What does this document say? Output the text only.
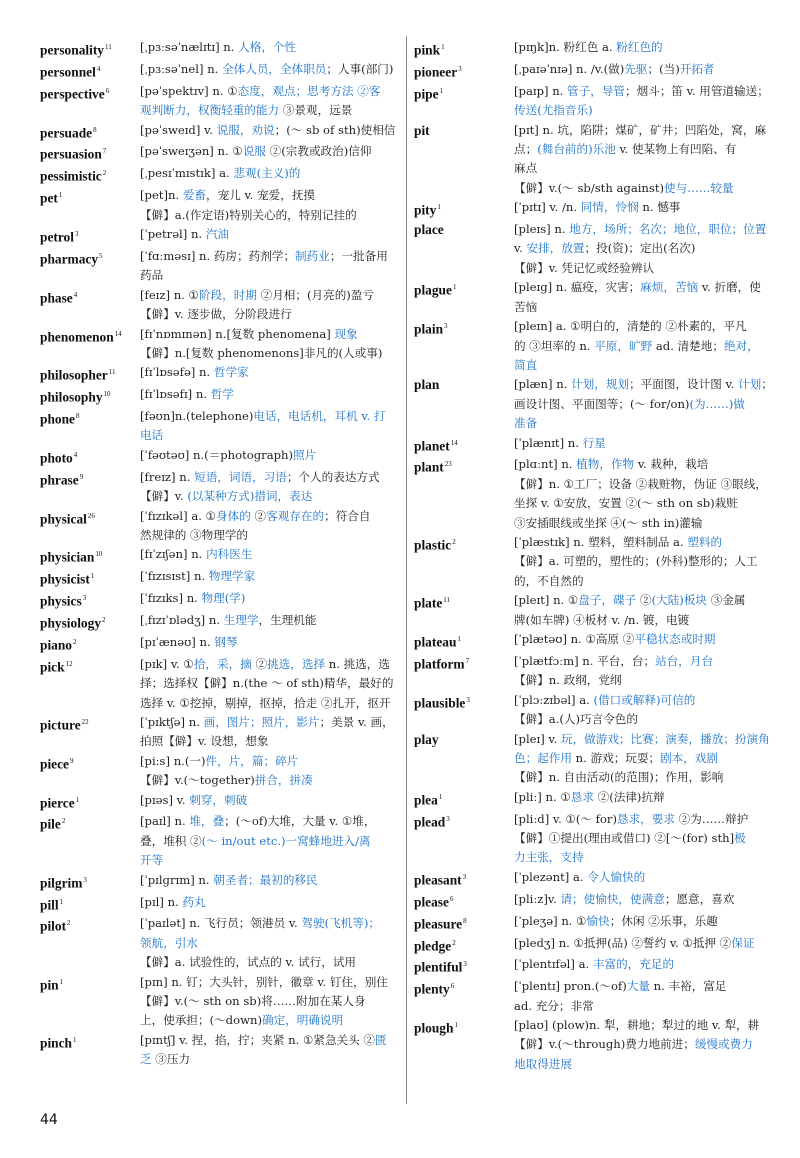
personality$^{11}$	[ˌpɜːsəˈnælɪtɪ] n. 人格，个性
personnel$^4$	[ˌpɜːsəˈnel] n. 全体人员，全体职员；人事(部门)
perspective$^6$	[pəˈspektɪv] n. ①态度，观点；思考方法 ②客
观判断力，权衡轻重的能力 ③景观，远景
persuade$^8$	[pəˈsweɪd] v. 说服，劝说；(～ sb of sth)使相信
persuasion$^7$	[pəˈsweɪʒən] n. ①说服 ②(宗教或政治)信仰
pessimistic$^2$	[ˌpesɪˈmɪstɪk] a. 悲观(主义)的
pet$^1$	[pet]n. 爱畜，宠儿 v. 宠爱，抚摸
【僻】a.(作定语)特别关心的，特别记挂的
petrol$^3$	[ˈpetrəl] n. 汽油
pharmacy$^5$	[ˈfɑːməsɪ] n. 药房；药剂学；制药业；一批备用
药品
phase$^4$	[feɪz] n. ①阶段，时期 ②月相；(月亮的)盈亏
【僻】v. 逐步做，分阶段进行
phenomenon$^{14}$	[fɪˈnɒmɪnən] n.[复数 phenomena] 现象
【僻】n.[复数 phenomenons]非凡的(人或事)
philosopher$^{11}$	[fɪˈlɒsəfə] n. 哲学家
philosophy$^{10}$	[fɪˈlɒsəfɪ] n. 哲学
phone$^8$	[fəʊn]n.(telephone)电话，电话机，耳机 v. 打
电话
photo$^4$	[ˈfəʊtəʊ] n.(＝photograph)照片
phrase$^9$	[freɪz] n. 短语，词语，习语；个人的表达方式
【僻】v. (以某种方式)措词，表达
physical$^{26}$	[ˈfɪzɪkəl] a. ①身体的 ②客观存在的；符合自
然规律的 ③物理学的
physician$^{10}$	[fɪˈzɪʃən] n. 内科医生
physicist$^1$	[ˈfɪzɪsɪst] n. 物理学家
physics$^3$	[ˈfɪzɪks] n. 物理(学)
physiology$^2$	[ˌfɪzɪˈɒlədʒ] n. 生理学，生理机能
piano$^2$	[pɪˈænəʊ] n. 钢琴
pick$^{12}$	[pɪk] v. ①拾，采，摘 ②挑选，选择 n. 挑选，选
择；选择权【僻】n.(the ～ of sth)精华，最好的
选择 v. ①挖掉，剔掉，抠掉，拾走 ②扎开，抠开
picture$^{22}$	[ˈpɪktʃə] n. 画，图片；照片，影片；美景 v. 画，
拍照【僻】v. 设想，想象
piece$^9$	[piːs] n.(一)件，片，篇；碎片
【僻】v.(～together)拼合，拼凑
pierce$^1$	[pɪəs] v. 刺穿，刺破
pile$^2$	[paɪl] n. 堆，叠；(～of)大堆，大量 v. ①堆，
叠，堆积 ②(～ in/out etc.)一窝蜂地进入/离
开等
pilgrim$^3$	[ˈpɪlgrɪm] n. 朝圣者；最初的移民
pill$^1$	[pɪl] n. 药丸
pilot$^2$	[ˈpaɪlət] n. 飞行员；领港员 v. 驾驶(飞机等)；
领航，引水
【僻】a. 试验性的，试点的 v. 试行，试用
pin$^1$	[pɪn] n. 钉；大头针，别针，徽章 v. 钉住，别住
【僻】v.(～ sth on sb)将……附加在某人身
上，使承担；(～down)确定，明确说明
pinch$^1$	[pɪntʃ] v. 捏，掐，拧；夹紧 n. ①紧急关头 ②匮
乏 ③压力
pink$^1$	[pɪŋk]n. 粉红色 a. 粉红色的
pioneer$^3$	[ˌpaɪəˈnɪə] n. /v.(做)先驱；(当)开拓者
pipe$^1$	[paɪp] n. 管子，导管；烟斗；笛 v. 用管道输送；
传送(尤指音乐)
pit	[pɪt] n. 坑，陷阱；煤矿，矿井；凹陷处，窝，麻
点；(舞台前的)乐池 v. 使某物上有凹陷、有
麻点
【僻】v.(～ sb/sth against)使与……较量
pity$^1$	[ˈpɪtɪ] v. /n. 同情，怜悯 n. 憾事
place	[pleɪs] n. 地方，场所；名次；地位，职位；位置
v. 安排，放置；投(资)；定出(名次)
【僻】v. 凭记忆或经验辨认
plague$^1$	[pleɪg] n. 瘟疫，灾害；麻烦，苦恼 v. 折磨，使
苦恼
plain$^3$	[pleɪn] a. ①明白的，清楚的 ②朴素的，平凡
的 ③坦率的 n. 平原，旷野 ad. 清楚地；绝对，
简直
plan	[plæn] n. 计划，规划；平面图，设计图 v. 计划；
画设计图、平面图等；(～ for/on)(为……)做
准备
planet$^{14}$	[ˈplænɪt] n. 行星
plant$^{23}$	[plɑːnt] n. 植物，作物 v. 栽种，栽培
【僻】n. ①工厂；设备 ②栽赃物，伪证 ③眼线，
坐探 v. ①安放，安置 ②(～ sth on sb)栽赃
③安插眼线或坐探 ④(～ sth in)灌输
plastic$^2$	[ˈplæstɪk] n. 塑料，塑料制品 a. 塑料的
【僻】a. 可塑的，塑性的；(外科)整形的；人工
的，不自然的
plate$^{11}$	[pleɪt] n. ①盘子，碟子 ②(大陆)板块 ③金属
牌(如车牌) ④板材 v. /n. 镀，电镀
plateau$^1$	[ˈplætəʊ] n. ①高原 ②平稳状态或时期
platform$^7$	[ˈplætfɔːm] n. 平台，台；站台，月台
【僻】n. 政纲，党纲
plausible$^3$	[ˈplɔːzɪbəl] a. (借口或解释)可信的
【僻】a.(人)巧言令色的
play	[pleɪ] v. 玩，做游戏；比赛；演奏，播放；扮演角
色；起作用 n. 游戏；玩耍；剧本，戏剧
【僻】n. 自由活动(的范围)；作用，影响
plea$^1$	[pliː] n. ①恳求 ②(法律)抗辩
plead$^3$	[pliːd] v. ①(～ for)恳求，要求 ②为……辩护
【僻】①提出(理由或借口) ②[～(for) sth]极
力主张，支持
pleasant$^3$	[ˈplezənt] a. 令人愉快的
please$^6$	[pliːz]v. 请；使愉快，使满意；愿意，喜欢
pleasure$^8$	[ˈpleʒə] n. ①愉快；休闲 ②乐事，乐趣
pledge$^2$	[pledʒ] n. ①抵押(品) ②誓约 v. ①抵押 ②保证
plentiful$^3$	[ˈplentɪfəl] a. 丰富的，充足的
plenty$^6$	[ˈplentɪ] pron.(～of)大量 n. 丰裕，富足
ad. 充分；非常
plough$^1$	[plaʊ] (plow)n. 犁，耕地；犁过的地 v. 犁，耕
【僻】v.(～through)费力地前进；缓慢或费力
地取得进展
44
